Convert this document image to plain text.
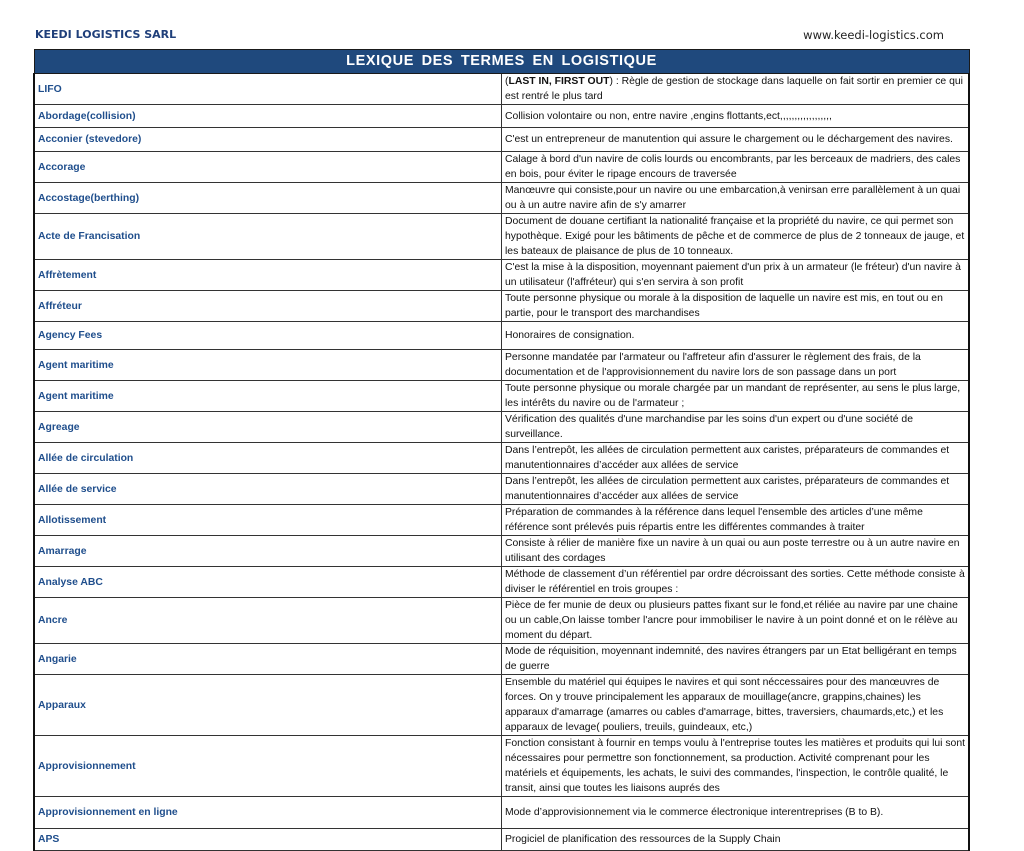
KEEDI LOGISTICS SARL	www.keedi-logistics.com
LEXIQUE DES TERMES EN LOGISTIQUE	
LIFO	(LAST IN, FIRST OUT) : Règle de gestion de stockage dans laquelle on fait sortir en premier ce qui est rentré le plus tard
Abordage(collision)	Collision volontaire ou non, entre navire ,engins flottants,ect,,,,,,,,,,,,,,,,,,
Acconier (stevedore)	C'est un entrepreneur de manutention qui assure le chargement ou le déchargement des navires.
Accorage	Calage à bord d'un navire de colis lourds ou encombrants, par les berceaux de madriers, des cales en bois, pour éviter le ripage encours de traversée
Accostage(berthing)	Manœuvre qui consiste,pour un navire ou une embarcation,à venirsan erre parallèlement à un quai ou à un autre navire afin de s'y amarrer
Acte de Francisation	Document de douane certifiant la nationalité française et la propriété du navire, ce qui permet son hypothèque. Exigé pour les bâtiments de pêche et de commerce de plus de 2 tonneaux de jauge, et les bateaux de plaisance de plus de 10 tonneaux.
Affrètement	C'est la mise à la disposition, moyennant paiement d'un prix à un armateur (le fréteur) d'un navire à un utilisateur (l'affréteur) qui s'en servira à son profit
Affréteur	Toute personne physique ou morale à la disposition de laquelle un navire est mis, en tout ou en partie, pour le transport des marchandises
Agency Fees	Honoraires de consignation.
Agent maritime	Personne mandatée par l'armateur ou l'affreteur afin d'assurer le règlement des frais, de la documentation et de l'approvisionnement du navire lors de son passage dans un port
Agent maritime	Toute personne physique ou morale chargée par un mandant de représenter, au sens le plus large, les intérêts du navire ou de l'armateur ;
Agreage	Vérification des qualités d'une marchandise par les soins d'un expert ou d'une société de surveillance.
Allée de circulation	Dans l’entrepôt, les allées de circulation permettent aux caristes, préparateurs de commandes et manutentionnaires d’accéder aux allées de service
Allée de service	Dans l’entrepôt, les allées de circulation permettent aux caristes, préparateurs de commandes et manutentionnaires d’accéder aux allées de service
Allotissement	Préparation de commandes à la référence dans lequel l'ensemble des articles d’une même référence sont prélevés puis répartis entre les différentes commandes à traiter
Amarrage	Consiste à rélier de manière fixe un navire à un quai ou aun poste terrestre ou à un autre navire en utilisant des cordages
Analyse ABC	Méthode de classement d’un référentiel par ordre décroissant des sorties. Cette méthode consiste à diviser le référentiel en trois groupes :
Ancre	Pièce de fer munie de deux ou plusieurs pattes fixant sur le fond,et réliée au navire par une chaine ou un cable,On laisse tomber l'ancre pour immobiliser le navire à un point donné et on le rélève au moment du départ.
Angarie	Mode de réquisition, moyennant indemnité, des navires étrangers par un Etat belligérant en temps de guerre
Apparaux	Ensemble du matériel qui équipes le navires et qui sont néccessaires pour des manœuvres de forces. On y trouve principalement les apparaux de mouillage(ancre, grappins,chaines) les apparaux d'amarrage (amarres ou cables d'amarrage, bittes, traversiers, chaumards,etc,) et les apparaux de levage( pouliers, treuils, guindeaux, etc,)
Approvisionnement	Fonction consistant à fournir en temps voulu à l'entreprise toutes les matières et produits qui lui sont nécessaires pour permettre son fonctionnement, sa production. Activité comprenant pour les matériels et équipements, les achats, le suivi des commandes, l'inspection, le contrôle qualité, le transit, ainsi que toutes les liaisons auprés des
Approvisionnement en ligne	Mode d’approvisionnement via le commerce électronique interentreprises (B to B).
APS	Progiciel de planification des ressources de la Supply Chain
